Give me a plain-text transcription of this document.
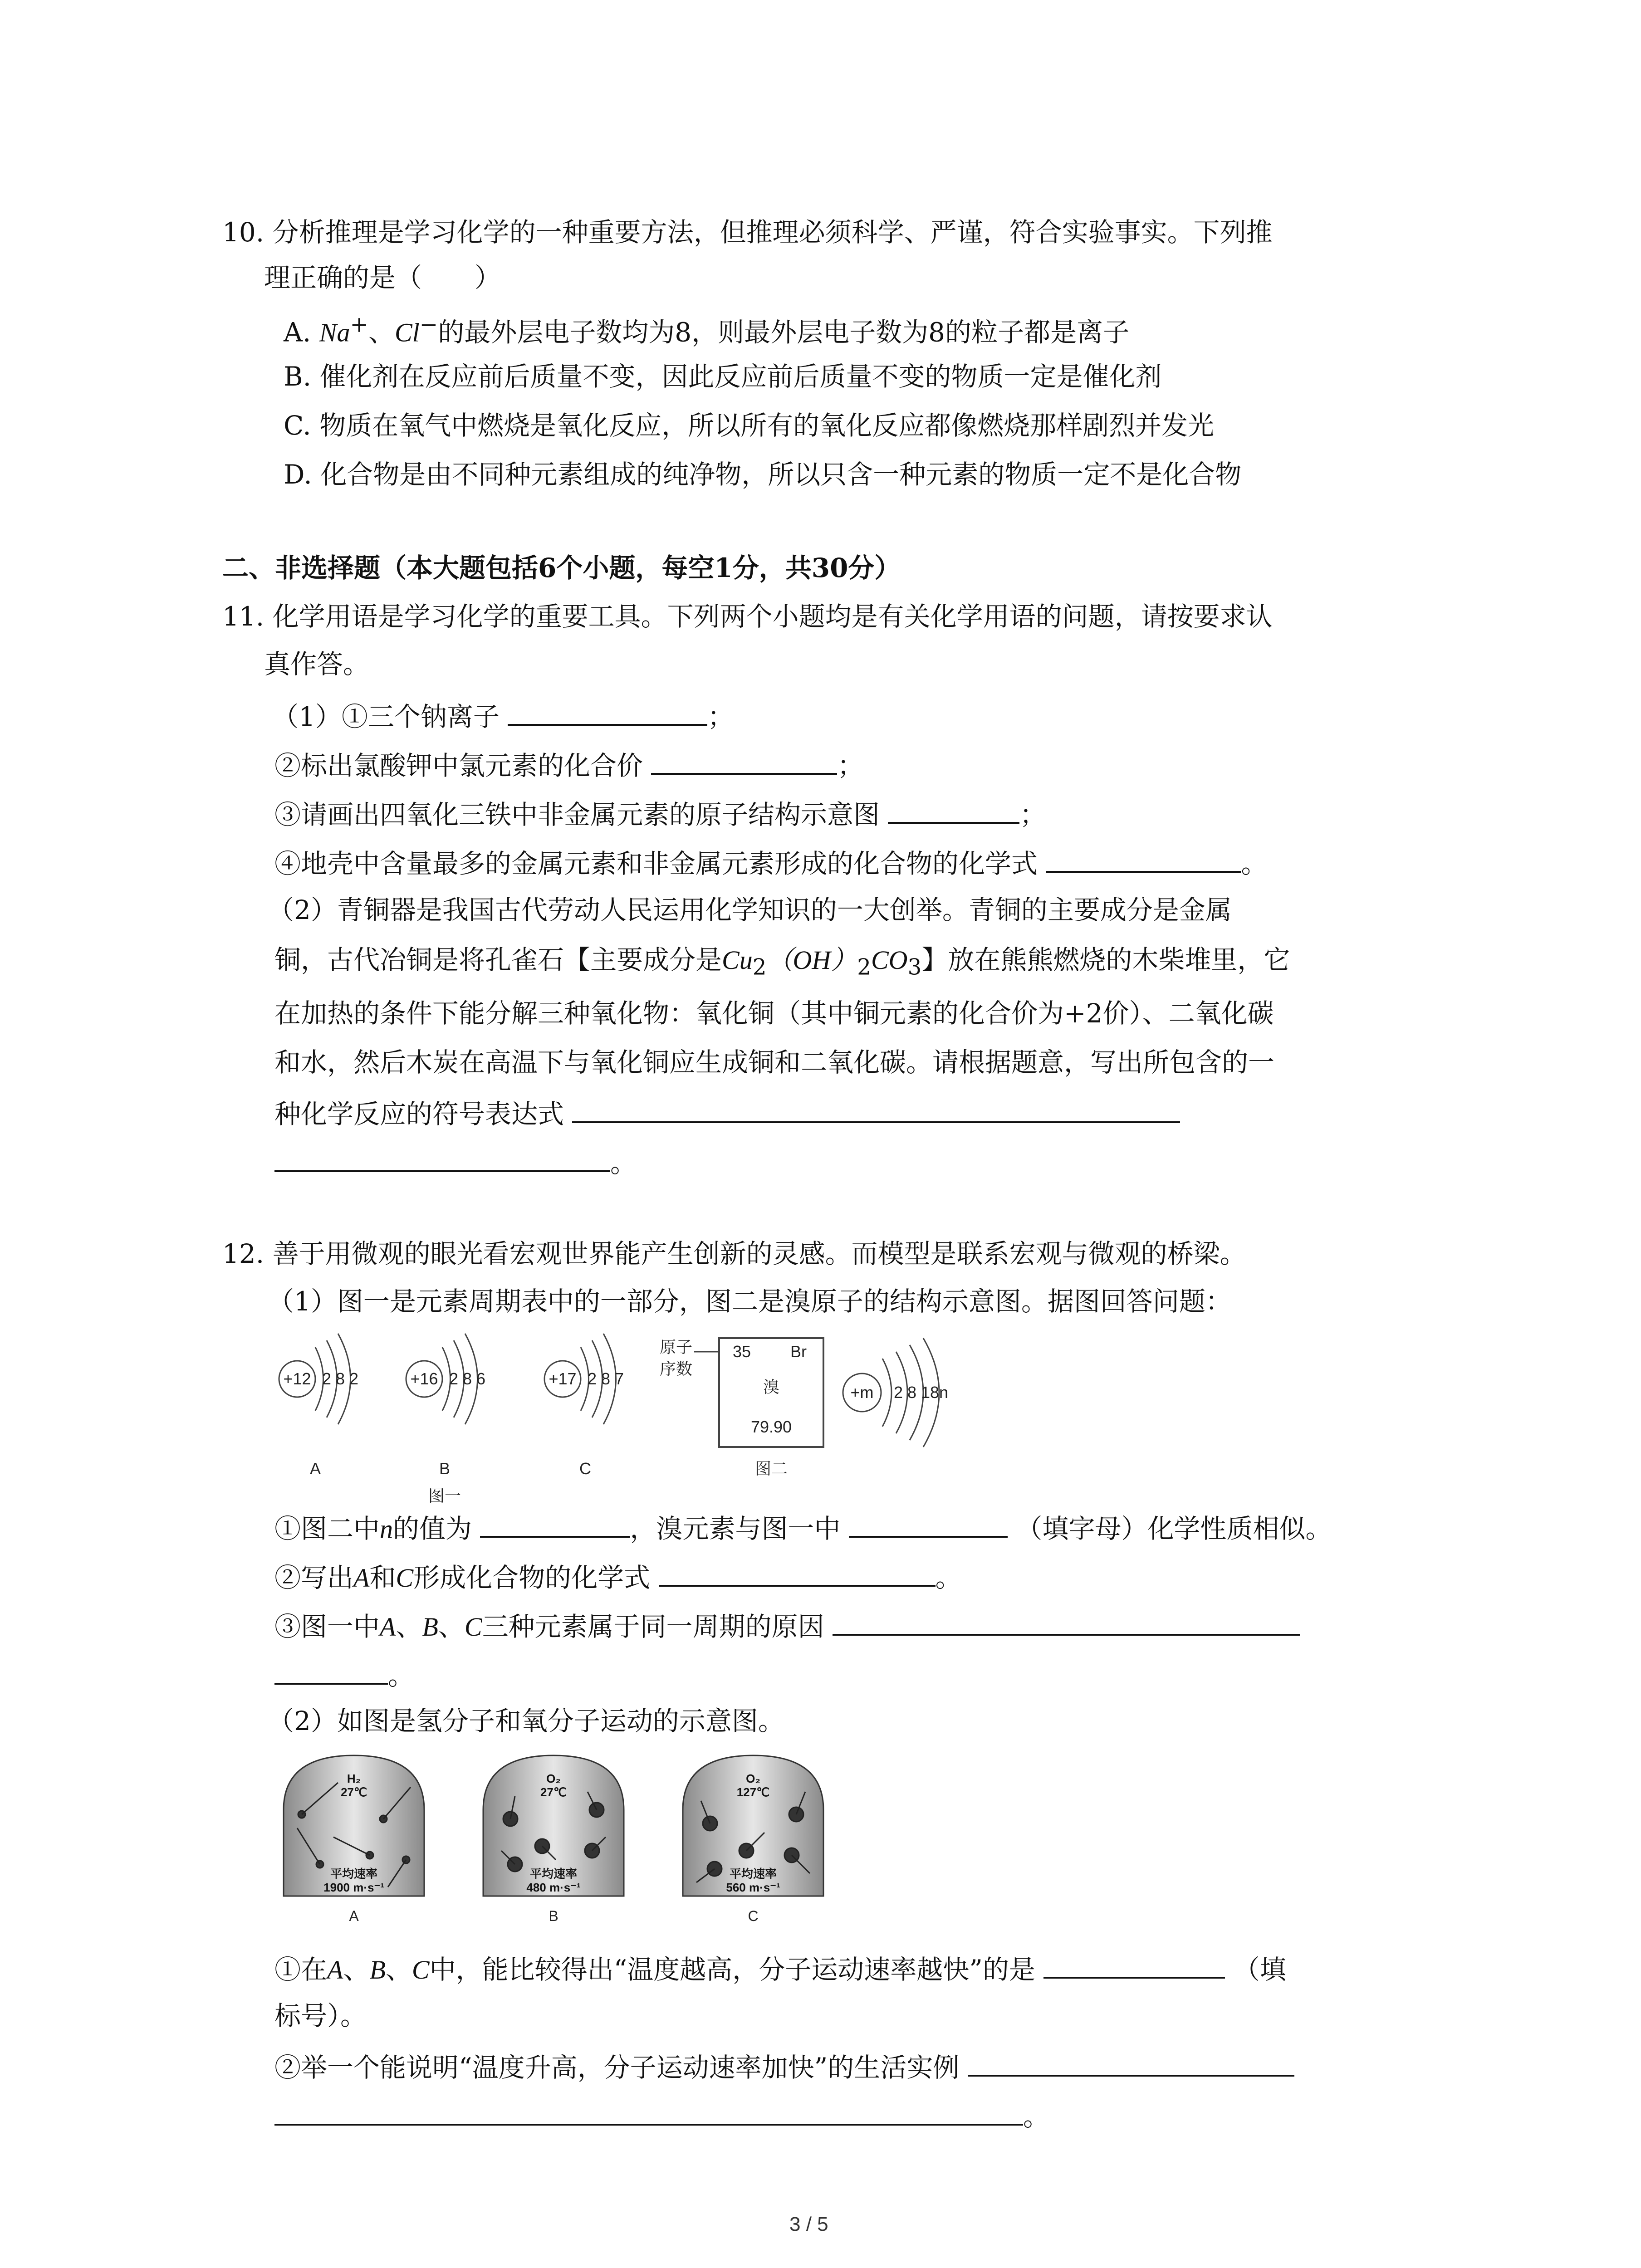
10. 分析推理是学习化学的一种重要方法，但推理必须科学、严谨，符合实验事实。下列推
理正确的是（　　）
A. Na+、Cl−的最外层电子数均为8，则最外层电子数为8的粒子都是离子
B. 催化剂在反应前后质量不变，因此反应前后质量不变的物质一定是催化剂
C. 物质在氧气中燃烧是氧化反应，所以所有的氧化反应都像燃烧那样剧烈并发光
D. 化合物是由不同种元素组成的纯净物，所以只含一种元素的物质一定不是化合物
二、非选择题（本大题包括6个小题，每空1分，共30分）
11. 化学用语是学习化学的重要工具。下列两个小题均是有关化学用语的问题，请按要求认
真作答。
（1）①三个钠离子	；
②标出氯酸钾中氯元素的化合价	；
③请画出四氧化三铁中非金属元素的原子结构示意图	；
④地壳中含量最多的金属元素和非金属元素形成的化合物的化学式	。
（2）青铜器是我国古代劳动人民运用化学知识的一大创举。青铜的主要成分是金属
铜，古代冶铜是将孔雀石【主要成分是$Cu_2(OH)_2CO_3$】放在熊熊燃烧的木柴堆里，它
在加热的条件下能分解三种氧化物：氧化铜（其中铜元素的化合价为+2价）、二氧化碳
和水，然后木炭在高温下与氧化铜应生成铜和二氧化碳。请根据题意，写出所包含的一
种化学反应的符号表达式
。
12. 善于用微观的眼光看宏观世界能产生创新的灵感。而模型是联系宏观与微观的桥梁。
（1）图一是元素周期表中的一部分，图二是溴原子的结构示意图。据图回答问题：
+12 2 8 2	+16 2 8 6	+17 2 8 7
A	B	C
图一
原子
序数
35 Br
溴
79.90
+m 2 8 18n
图二
①图二中n的值为	，溴元素与图一中	（填字母）化学性质相似。
②写出A和C形成化合物的化学式	。
③图一中A、B、C三种元素属于同一周期的原因
。
（2）如图是氢分子和氧分子运动的示意图。
H₂
27℃
平均速率
1900 m·s⁻¹
O₂
27℃
平均速率
480 m·s⁻¹
O₂
127℃
平均速率
560 m·s⁻¹
A	B	C
①在A、B、C中，能比较得出“温度越高，分子运动速率越快”的是	（填
标号）。
②举一个能说明“温度升高，分子运动速率加快”的生活实例
。
3 / 5
